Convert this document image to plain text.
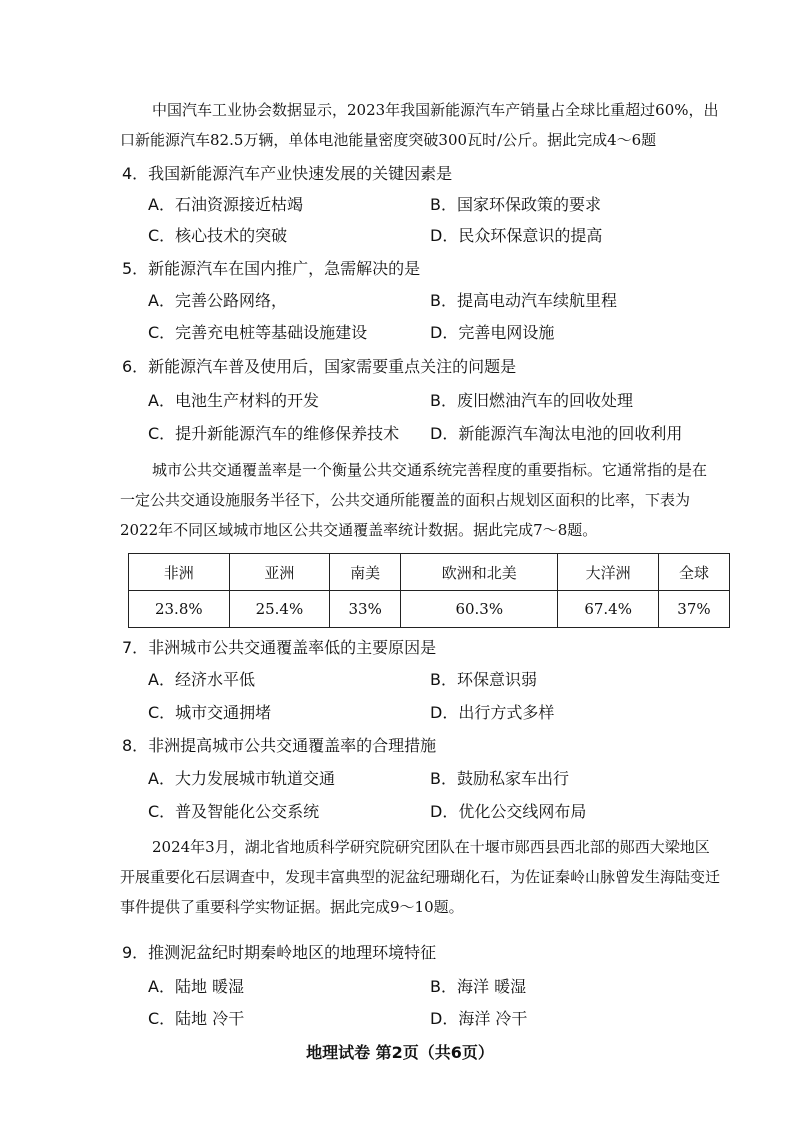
中国汽车工业协会数据显示，2023年我国新能源汽车产销量占全球比重超过60%，出口新能源汽车82.5万辆，单体电池能量密度突破300瓦时/公斤。据此完成4～6题
4．我国新能源汽车产业快速发展的关键因素是
A．石油资源接近枯竭	B．国家环保政策的要求
C．核心技术的突破	D．民众环保意识的提高
5．新能源汽车在国内推广，急需解决的是
A．完善公路网络，	B．提高电动汽车续航里程
C．完善充电桩等基础设施建设	D．完善电网设施
6．新能源汽车普及使用后，国家需要重点关注的问题是
A．电池生产材料的开发	B．废旧燃油汽车的回收处理
C．提升新能源汽车的维修保养技术 D．新能源汽车淘汰电池的回收利用
城市公共交通覆盖率是一个衡量公共交通系统完善程度的重要指标。它通常指的是在一定公共交通设施服务半径下，公共交通所能覆盖的面积占规划区面积的比率，下表为2022年不同区域城市地区公共交通覆盖率统计数据。据此完成7～8题。
非洲	亚洲	南美	欧洲和北美	大洋洲	全球
23.8%	25.4%	33%	60.3%	67.4%	37%
7．非洲城市公共交通覆盖率低的主要原因是
A．经济水平低	B．环保意识弱
C．城市交通拥堵	D．出行方式多样
8．非洲提高城市公共交通覆盖率的合理措施
A．大力发展城市轨道交通	B．鼓励私家车出行
C．普及智能化公交系统	D．优化公交线网布局
2024年3月，湖北省地质科学研究院研究团队在十堰市郧西县西北部的郧西大梁地区开展重要化石层调查中，发现丰富典型的泥盆纪珊瑚化石，为佐证秦岭山脉曾发生海陆变迁事件提供了重要科学实物证据。据此完成9～10题。
9．推测泥盆纪时期秦岭地区的地理环境特征
A．陆地 暖湿	B．海洋 暖湿
C．陆地 冷干	D．海洋 冷干
地理试卷 第2页（共6页）
